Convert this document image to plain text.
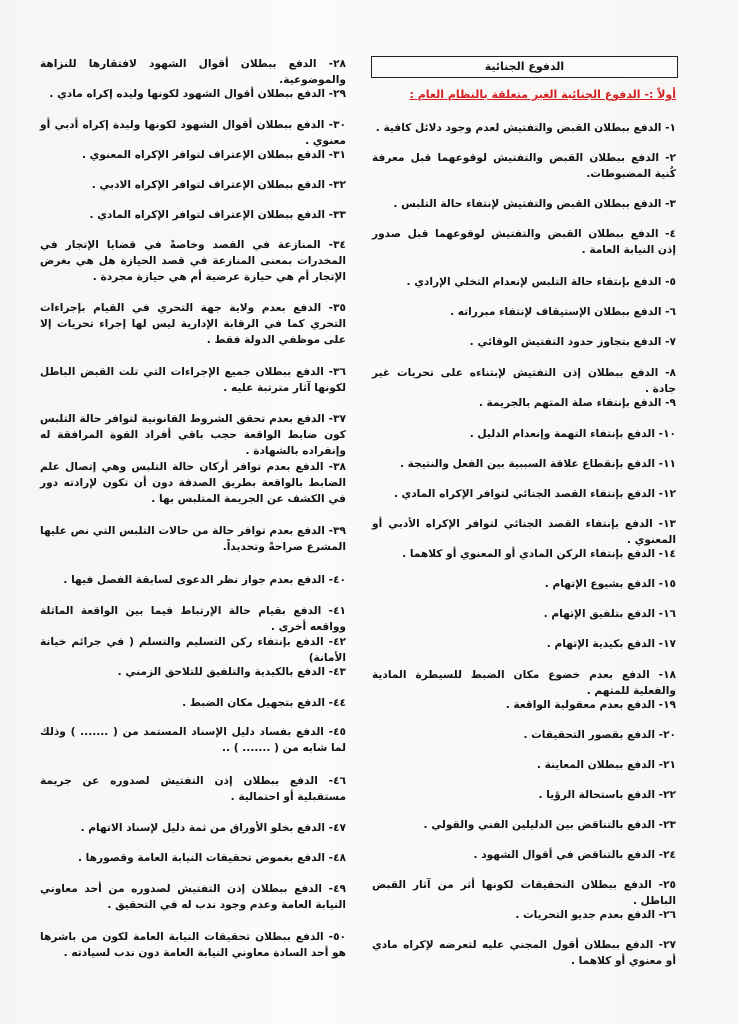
الدفوع الجنائية
أولاً :- الدفوع الجنائية الغير متعلقة بالنظام العام :
١- الدفع ببطلان القبض والتفتيش لعدم وجود دلائل كافية .
٢- الدفع ببطلان القبض والتفتيش لوقوعهما قبل معرفة كُنية المضبوطات.
٣- الدفع ببطلان القبض والتفتيش لإنتفاء حالة التلبس .
٤- الدفع ببطلان القبض والتفتيش لوقوعهما قبل صدور إذن النيابة العامة .
٥- الدفع بإنتفاء حالة التلبس لإنعدام التخلي الإرادي .
٦- الدفع ببطلان الإستيقاف لإنتفاء مبرراته .
٧- الدفع بتجاوز حدود التفتيش الوقائي .
٨- الدفع ببطلان إذن التفتيش لإبتناءه على تحريات غير جادة .
٩- الدفع بإنتفاء صلة المتهم بالجريمة .
١٠- الدفع بإنتفاء التهمة وإنعدام الدليل .
١١- الدفع بإنقطاع علاقة السببية بين الفعل والنتيجة .
١٢- الدفع بإنتفاء القصد الجنائي لتوافر الإكراه المادي .
١٣- الدفع بإنتفاء القصد الجنائي لتوافر الإكراه الأدبي أو المعنوي .
١٤- الدفع بإنتفاء الركن المادي أو المعنوي أو كلاهما .
١٥- الدفع بشيوع الإتهام .
١٦- الدفع بتلفيق الإتهام .
١٧- الدفع بكيدية الإتهام .
١٨- الدفع بعدم خضوع مكان الضبط للسيطرة المادية والفعلية للمتهم .
١٩- الدفع بعدم معقولية الواقعة .
٢٠- الدفع بقصور التحقيقات .
٢١- الدفع ببطلان المعاينة .
٢٢- الدفع باستحالة الرؤيا .
٢٣- الدفع بالتناقض بين الدليلين الفني والقولي .
٢٤- الدفع بالتناقض في أقوال الشهود .
٢٥- الدفع ببطلان التحقيقات لكونها أثر من آثار القبض الباطل .
٢٦- الدفع بعدم جديو التحريات .
٢٧- الدفع ببطلان أقول المجني عليه لتعرضه لإكراه مادي أو معنوي أو كلاهما .
٢٨- الدفع ببطلان أقوال الشهود لافتقارها للنزاهة والموضوعية.
٢٩- الدفع ببطلان أقوال الشهود لكونها وليده إكراه مادي .
٣٠- الدفع ببطلان أقوال الشهود لكونها وليدة إكراه أدبي أو معنوي .
٣١- الدفع ببطلان الإعتراف لتوافر الإكراه المعنوي .
٣٢- الدفع ببطلان الإعتراف لتوافر الإكراه الادبي .
٣٣- الدفع ببطلان الإعتراف لتوافر الإكراه المادي .
٣٤- المنازعة في القصد وخاصةً في قضايا الإتجار في المخدرات بمعنى المنازعة في قصد الحيازة هل هي بغرض الإتجار أم هي حيازة عرضية أم هي حيازة مجردة .
٣٥- الدفع بعدم ولاية جهة التحري في القيام بإجراءات التحري كما في الرقابة الإدارية ليس لها إجراء تحريات إلا على موظفي الدولة فقط .
٣٦- الدفع ببطلان جميع الإجراءات التي تلت القبض الباطل لكونها آثار مترتبة عليه .
٣٧- الدفع بعدم تحقق الشروط القانونية لتوافر حالة التلبس كون ضابط الواقعة حجب باقي أفراد القوة المرافقة له وإنفراده بالشهادة .
٣٨- الدفع بعدم توافر أركان حالة التلبس وهي إتصال علم الضابط بالواقعة بطريق الصدفة دون أن تكون لإرادته دور في الكشف عن الجريمة المتلبس بها .
٣٩- الدفع بعدم توافر حالة من حالات التلبس التي نص عليها المشرع صراحةً وتحديداً.
٤٠- الدفع بعدم جواز نظر الدعوى لسابقة الفصل فيها .
٤١- الدفع بقيام حالة الإرتباط فيما بين الواقعة الماثلة وواقعه أخرى .
٤٢- الدفع بإنتفاء ركن التسليم والتسلم ( في جرائم خيانة الأمانة)
٤٣- الدفع بالكيدية والتلفيق للتلاحق الزمني .
٤٤- الدفع بتجهيل مكان الضبط .
٤٥- الدفع بفساد دليل الإسناد المستمد من ( ....... ) وذلك لما شابه من ( ....... ) ..
٤٦- الدفع ببطلان إذن التفتيش لصدوره عن جريمة مستقبلية أو احتمالية .
٤٧- الدفع بخلو الأوراق من ثمة دليل لإسناد الاتهام .
٤٨- الدفع بغموض تحقيقات النيابة العامة وقصورها .
٤٩- الدفع ببطلان إذن التفتيش لصدوره من أحد معاوني النيابة العامة وعدم وجود ندب له في التحقيق .
٥٠- الدفع ببطلان تحقيقات النيابة العامة لكون من باشرها هو أحد السادة معاوني النيابة العامة دون ندب لسيادته .
